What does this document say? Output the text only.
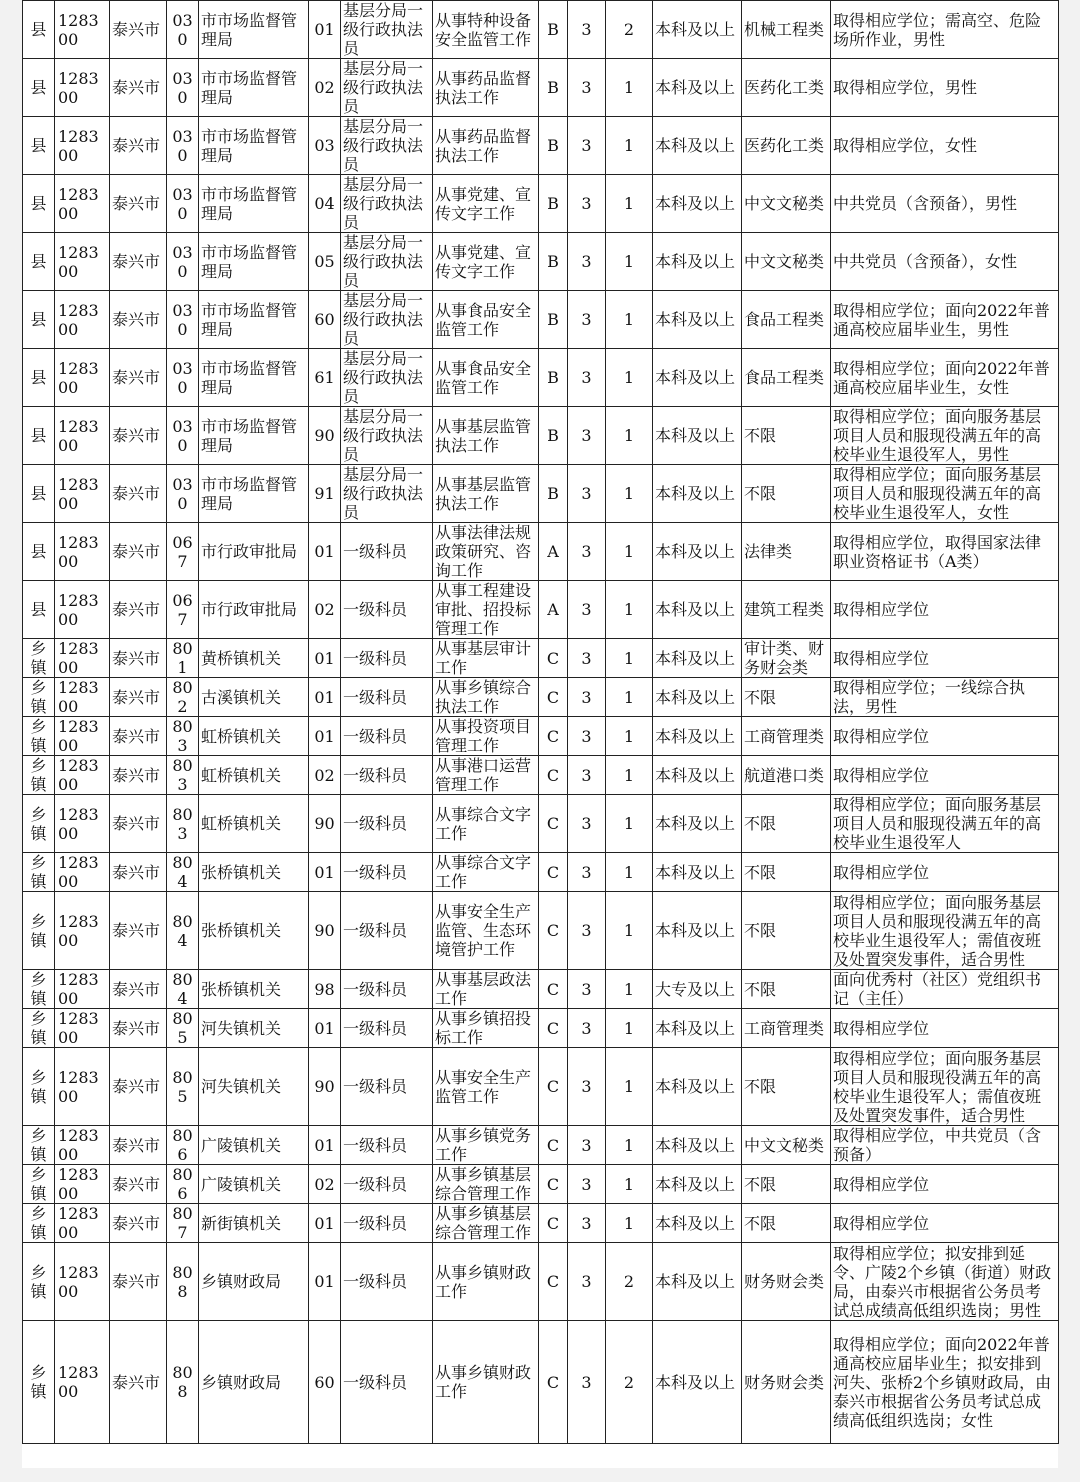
县	128300	泰兴市	030	市市场监督管理局	01	基层分局一级行政执法员	从事特种设备安全监管工作	B	3	2	本科及以上	机械工程类	取得相应学位；需高空、危险场所作业，男性
县	128300	泰兴市	030	市市场监督管理局	02	基层分局一级行政执法员	从事药品监督执法工作	B	3	1	本科及以上	医药化工类	取得相应学位，男性
县	128300	泰兴市	030	市市场监督管理局	03	基层分局一级行政执法员	从事药品监督执法工作	B	3	1	本科及以上	医药化工类	取得相应学位，女性
县	128300	泰兴市	030	市市场监督管理局	04	基层分局一级行政执法员	从事党建、宣传文字工作	B	3	1	本科及以上	中文文秘类	中共党员（含预备），男性
县	128300	泰兴市	030	市市场监督管理局	05	基层分局一级行政执法员	从事党建、宣传文字工作	B	3	1	本科及以上	中文文秘类	中共党员（含预备），女性
县	128300	泰兴市	030	市市场监督管理局	60	基层分局一级行政执法员	从事食品安全监管工作	B	3	1	本科及以上	食品工程类	取得相应学位；面向2022年普通高校应届毕业生，男性
县	128300	泰兴市	030	市市场监督管理局	61	基层分局一级行政执法员	从事食品安全监管工作	B	3	1	本科及以上	食品工程类	取得相应学位；面向2022年普通高校应届毕业生，女性
县	128300	泰兴市	030	市市场监督管理局	90	基层分局一级行政执法员	从事基层监管执法工作	B	3	1	本科及以上	不限	取得相应学位；面向服务基层项目人员和服现役满五年的高校毕业生退役军人，男性
县	128300	泰兴市	030	市市场监督管理局	91	基层分局一级行政执法员	从事基层监管执法工作	B	3	1	本科及以上	不限	取得相应学位；面向服务基层项目人员和服现役满五年的高校毕业生退役军人，女性
县	128300	泰兴市	067	市行政审批局	01	一级科员	从事法律法规政策研究、咨询工作	A	3	1	本科及以上	法律类	取得相应学位，取得国家法律职业资格证书（A类）
县	128300	泰兴市	067	市行政审批局	02	一级科员	从事工程建设审批、招投标管理工作	A	3	1	本科及以上	建筑工程类	取得相应学位
乡镇	128300	泰兴市	801	黄桥镇机关	01	一级科员	从事基层审计工作	C	3	1	本科及以上	审计类、财务财会类	取得相应学位
乡镇	128300	泰兴市	802	古溪镇机关	01	一级科员	从事乡镇综合执法工作	C	3	1	本科及以上	不限	取得相应学位；一线综合执法，男性
乡镇	128300	泰兴市	803	虹桥镇机关	01	一级科员	从事投资项目管理工作	C	3	1	本科及以上	工商管理类	取得相应学位
乡镇	128300	泰兴市	803	虹桥镇机关	02	一级科员	从事港口运营管理工作	C	3	1	本科及以上	航道港口类	取得相应学位
乡镇	128300	泰兴市	803	虹桥镇机关	90	一级科员	从事综合文字工作	C	3	1	本科及以上	不限	取得相应学位；面向服务基层项目人员和服现役满五年的高校毕业生退役军人
乡镇	128300	泰兴市	804	张桥镇机关	01	一级科员	从事综合文字工作	C	3	1	本科及以上	不限	取得相应学位
乡镇	128300	泰兴市	804	张桥镇机关	90	一级科员	从事安全生产监管、生态环境管护工作	C	3	1	本科及以上	不限	取得相应学位；面向服务基层项目人员和服现役满五年的高校毕业生退役军人；需值夜班及处置突发事件，适合男性
乡镇	128300	泰兴市	804	张桥镇机关	98	一级科员	从事基层政法工作	C	3	1	大专及以上	不限	面向优秀村（社区）党组织书记（主任）
乡镇	128300	泰兴市	805	河失镇机关	01	一级科员	从事乡镇招投标工作	C	3	1	本科及以上	工商管理类	取得相应学位
乡镇	128300	泰兴市	805	河失镇机关	90	一级科员	从事安全生产监管工作	C	3	1	本科及以上	不限	取得相应学位；面向服务基层项目人员和服现役满五年的高校毕业生退役军人；需值夜班及处置突发事件，适合男性
乡镇	128300	泰兴市	806	广陵镇机关	01	一级科员	从事乡镇党务工作	C	3	1	本科及以上	中文文秘类	取得相应学位，中共党员（含预备）
乡镇	128300	泰兴市	806	广陵镇机关	02	一级科员	从事乡镇基层综合管理工作	C	3	1	本科及以上	不限	取得相应学位
乡镇	128300	泰兴市	807	新街镇机关	01	一级科员	从事乡镇基层综合管理工作	C	3	1	本科及以上	不限	取得相应学位
乡镇	128300	泰兴市	808	乡镇财政局	01	一级科员	从事乡镇财政工作	C	3	2	本科及以上	财务财会类	取得相应学位；拟安排到延令、广陵2个乡镇（街道）财政局，由泰兴市根据省公务员考试总成绩高低组织选岗；男性
乡镇	128300	泰兴市	808	乡镇财政局	60	一级科员	从事乡镇财政工作	C	3	2	本科及以上	财务财会类	取得相应学位；面向2022年普通高校应届毕业生；拟安排到河失、张桥2个乡镇财政局，由泰兴市根据省公务员考试总成绩高低组织选岗；女性
